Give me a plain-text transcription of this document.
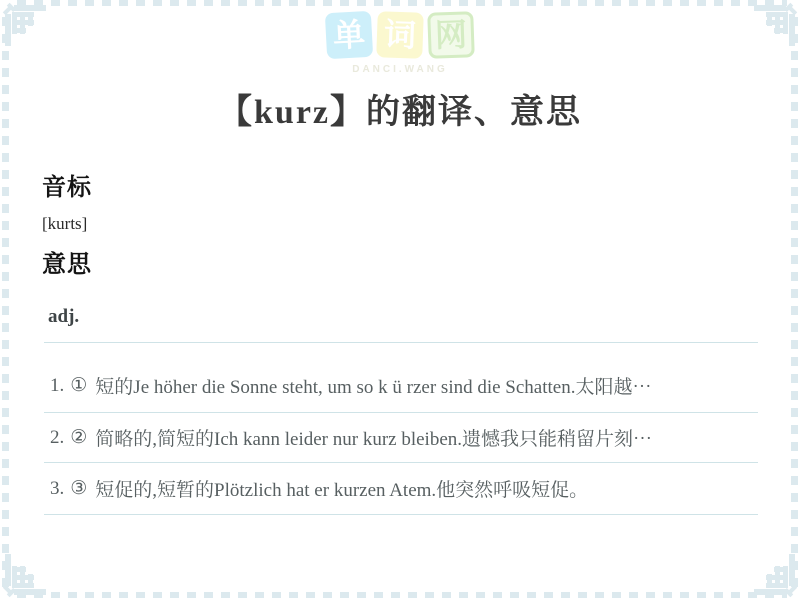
单 词 网
DANCI.WANG
【kurz】的翻译、意思
音标

[kurts]

意思

adj.

1. ① 短的Je höher die Sonne steht, um so k ü rzer sind die Schatten.太阳越⋯
2. ② 简略的,简短的Ich kann leider nur kurz bleiben.遗憾我只能稍留片刻⋯
3. ③ 短促的,短暂的Plötzlich hat er kurzen Atem.他突然呼吸短促。
